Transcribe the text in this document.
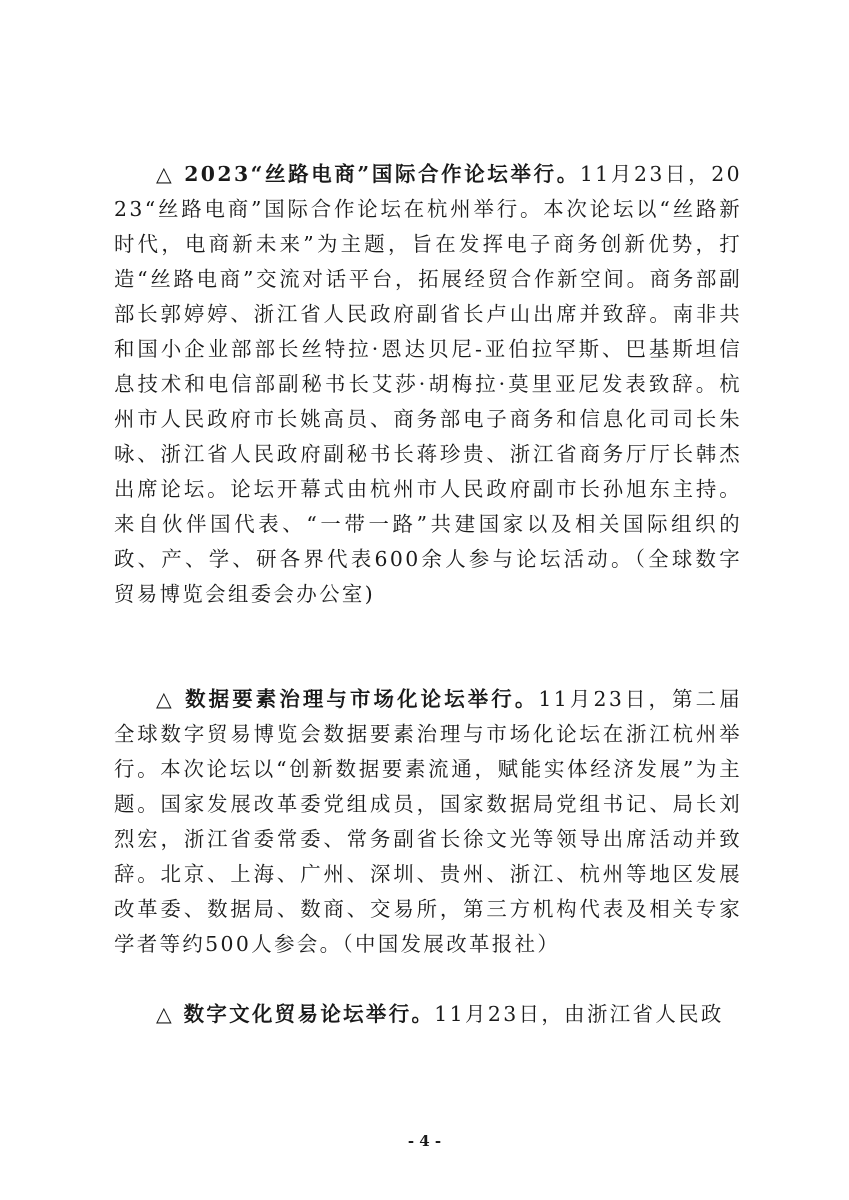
△ 2023“丝路电商”国际合作论坛举行。11月23日，2023“丝路电商”国际合作论坛在杭州举行。本次论坛以“丝路新时代，电商新未来”为主题，旨在发挥电子商务创新优势，打造“丝路电商”交流对话平台，拓展经贸合作新空间。商务部副部长郭婷婷、浙江省人民政府副省长卢山出席并致辞。南非共和国小企业部部长丝特拉·恩达贝尼-亚伯拉罕斯、巴基斯坦信息技术和电信部副秘书长艾莎·胡梅拉·莫里亚尼发表致辞。杭州市人民政府市长姚高员、商务部电子商务和信息化司司长朱咏、浙江省人民政府副秘书长蒋珍贵、浙江省商务厅厅长韩杰出席论坛。论坛开幕式由杭州市人民政府副市长孙旭东主持。来自伙伴国代表、“一带一路”共建国家以及相关国际组织的政、产、学、研各界代表600余人参与论坛活动。（全球数字贸易博览会组委会办公室)

△ 数据要素治理与市场化论坛举行。11月23日，第二届全球数字贸易博览会数据要素治理与市场化论坛在浙江杭州举行。本次论坛以“创新数据要素流通，赋能实体经济发展”为主题。国家发展改革委党组成员，国家数据局党组书记、局长刘烈宏，浙江省委常委、常务副省长徐文光等领导出席活动并致辞。北京、上海、广州、深圳、贵州、浙江、杭州等地区发展改革委、数据局、数商、交易所，第三方机构代表及相关专家学者等约500人参会。（中国发展改革报社）

△ 数字文化贸易论坛举行。11月23日，由浙江省人民政

- 4 -
